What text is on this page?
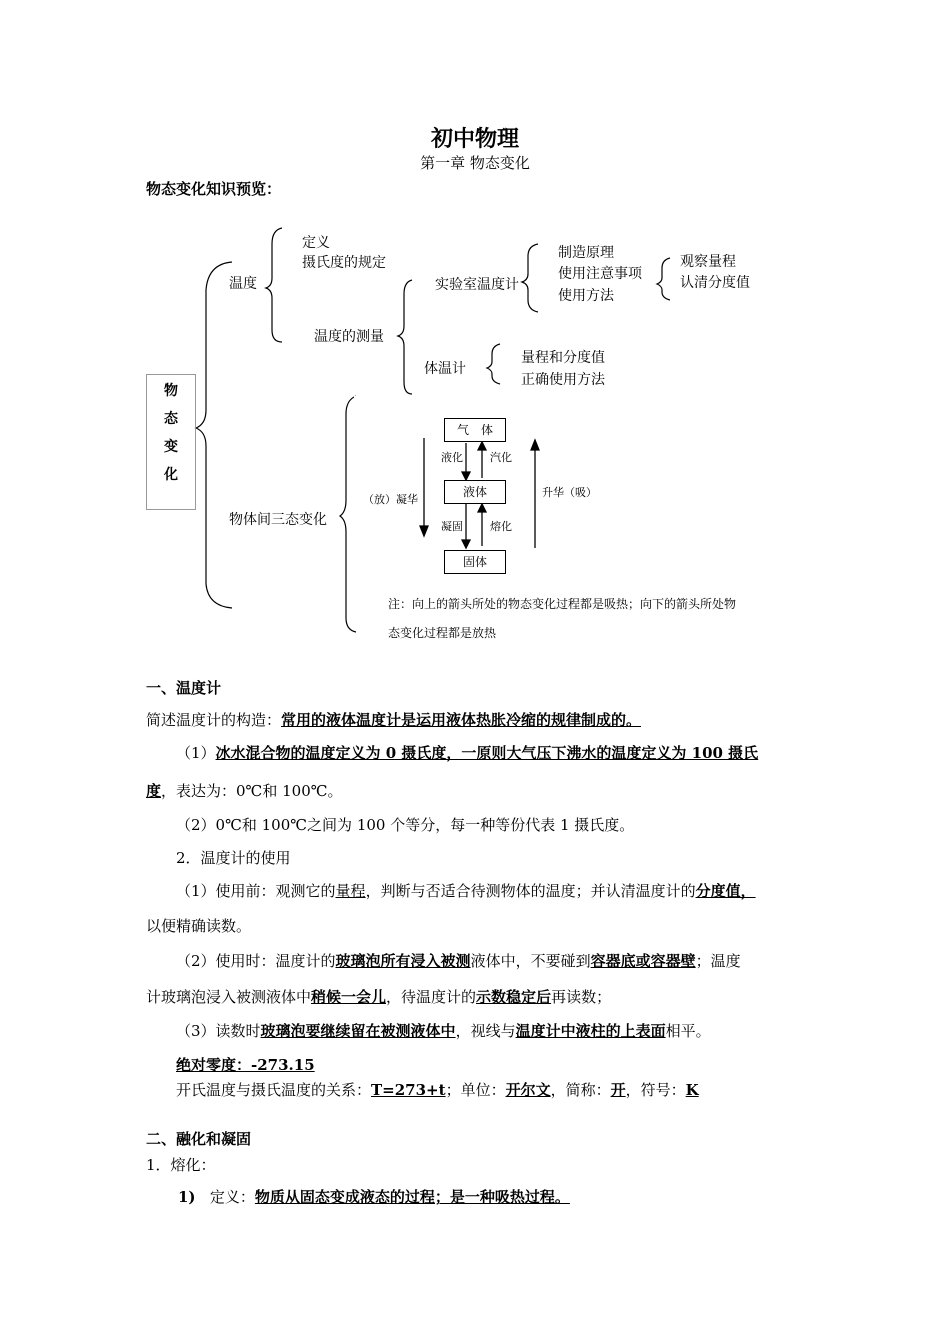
初中物理
第一章 物态变化
物态变化知识预览：
物
态
变
化
温度
定义
摄氏度的规定
温度的测量
实验室温度计
制造原理
使用注意事项
使用方法
观察量程
认清分度值
体温计
量程和分度值
正确使用方法
物体间三态变化
气　体
液体
固体
液化 汽化
凝固 熔化
（放）凝华
升华（吸）
注：向上的箭头所处的物态变化过程都是吸热；向下的箭头所处物
态变化过程都是放热
一、温度计
简述温度计的构造：常用的液体温度计是运用液体热胀冷缩的规律制成的。
（1）冰水混合物的温度定义为 0 摄氏度，一原则大气压下沸水的温度定义为 100 摄氏
度，表达为：0℃和 100℃。
（2）0℃和 100℃之间为 100 个等分，每一种等份代表 1 摄氏度。
2．温度计的使用
（1）使用前：观测它的量程，判断与否适合待测物体的温度；并认清温度计的分度值，
以便精确读数。
（2）使用时：温度计的玻璃泡所有浸入被测液体中，不要碰到容器底或容器壁；温度
计玻璃泡浸入被测液体中稍候一会儿，待温度计的示数稳定后再读数；
（3）读数时玻璃泡要继续留在被测液体中，视线与温度计中液柱的上表面相平。
绝对零度：-273.15
开氏温度与摄氏温度的关系：T=273+t；单位：开尔文，简称：开，符号：K
二、融化和凝固
1．熔化：
1) 定义：物质从固态变成液态的过程；是一种吸热过程。
